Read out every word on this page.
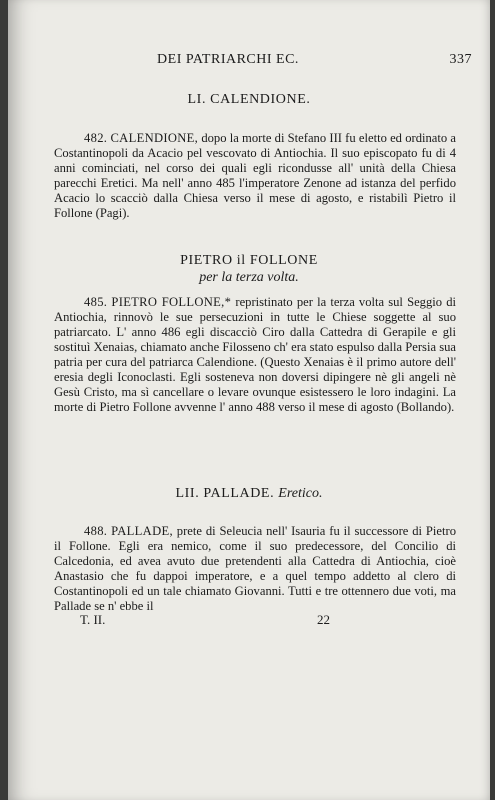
DEI PATRIARCHI EC.	337
LI. CALENDIONE.

482. CALENDIONE, dopo la morte di Stefano III fu eletto ed ordinato a Costantinopoli da Acacio pel vescovato di Antiochia. Il suo episcopato fu di 4 anni cominciati, nel corso dei quali egli ricondusse all' unità della Chiesa parecchi Eretici. Ma nell' anno 485 l'imperatore Zenone ad istanza del perfido Acacio lo scacciò dalla Chiesa verso il mese di agosto, e ristabilì Pietro il Follone (Pagi).

PIETRO il FOLLONE
per la terza volta.

485. PIETRO FOLLONE,* repristinato per la terza volta sul Seggio di Antiochia, rinnovò le sue persecuzioni in tutte le Chiese soggette al suo patriarcato. L' anno 486 egli discacciò Ciro dalla Cattedra di Gerapile e gli sostituì Xenaias, chiamato anche Filosseno ch' era stato espulso dalla Persia sua patria per cura del patriarca Calendione. (Questo Xenaias è il primo autore dell' eresia degli Iconoclasti. Egli sosteneva non doversi dipingere nè gli angeli nè Gesù Cristo, ma sì cancellare o levare ovunque esistessero le loro indagini. La morte di Pietro Follone avvenne l' anno 488 verso il mese di agosto (Bollando).

LII. PALLADE. Eretico.

488. PALLADE, prete di Seleucia nell' Isauria fu il successore di Pietro il Follone. Egli era nemico, come il suo predecessore, del Concilio di Calcedonia, ed avea avuto due pretendenti alla Cattedra di Antiochia, cioè Anastasio che fu dappoi imperatore, e a quel tempo addetto al clero di Costantinopoli ed un tale chiamato Giovanni. Tutti e tre ottennero due voti, ma Pallade se n' ebbe il

T. II.	22
